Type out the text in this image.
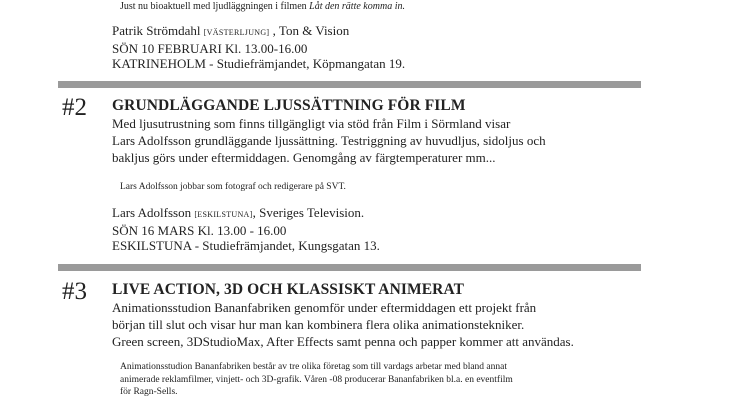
Just nu bioaktuell med ljudläggningen i filmen Låt den rätte komma in.
Patrik Strömdahl [VÄSTERLJUNG] , Ton & Vision
SÖN 10 FEBRUARI Kl. 13.00-16.00
KATRINEHOLM - Studiefrämjandet, Köpmangatan 19.
#2 GRUNDLÄGGANDE LJUSSÄTTNING FÖR FILM
Med ljusutrustning som finns tillgängligt via stöd från Film i Sörmland visar
Lars Adolfsson grundläggande ljussättning. Testriggning av huvudljus, sidoljus och
bakljus görs under eftermiddagen. Genomgång av färgtemperaturer mm...
Lars Adolfsson jobbar som fotograf och redigerare på SVT.
Lars Adolfsson [ESKILSTUNA], Sveriges Television.
SÖN 16 MARS Kl. 13.00 - 16.00
ESKILSTUNA - Studiefrämjandet, Kungsgatan 13.
#3 LIVE ACTION, 3D OCH KLASSISKT ANIMERAT
Animationsstudion Bananfabriken genomför under eftermiddagen ett projekt från
början till slut och visar hur man kan kombinera flera olika animationstekniker.
Green screen, 3DStudioMax, After Effects samt penna och papper kommer att användas.
Animationsstudion Bananfabriken består av tre olika företag som till vardags arbetar med bland annat
animerade reklamfilmer, vinjett- och 3D-grafik. Våren -08 producerar Bananfabriken bl.a. en eventfilm
för Ragn-Sells.
